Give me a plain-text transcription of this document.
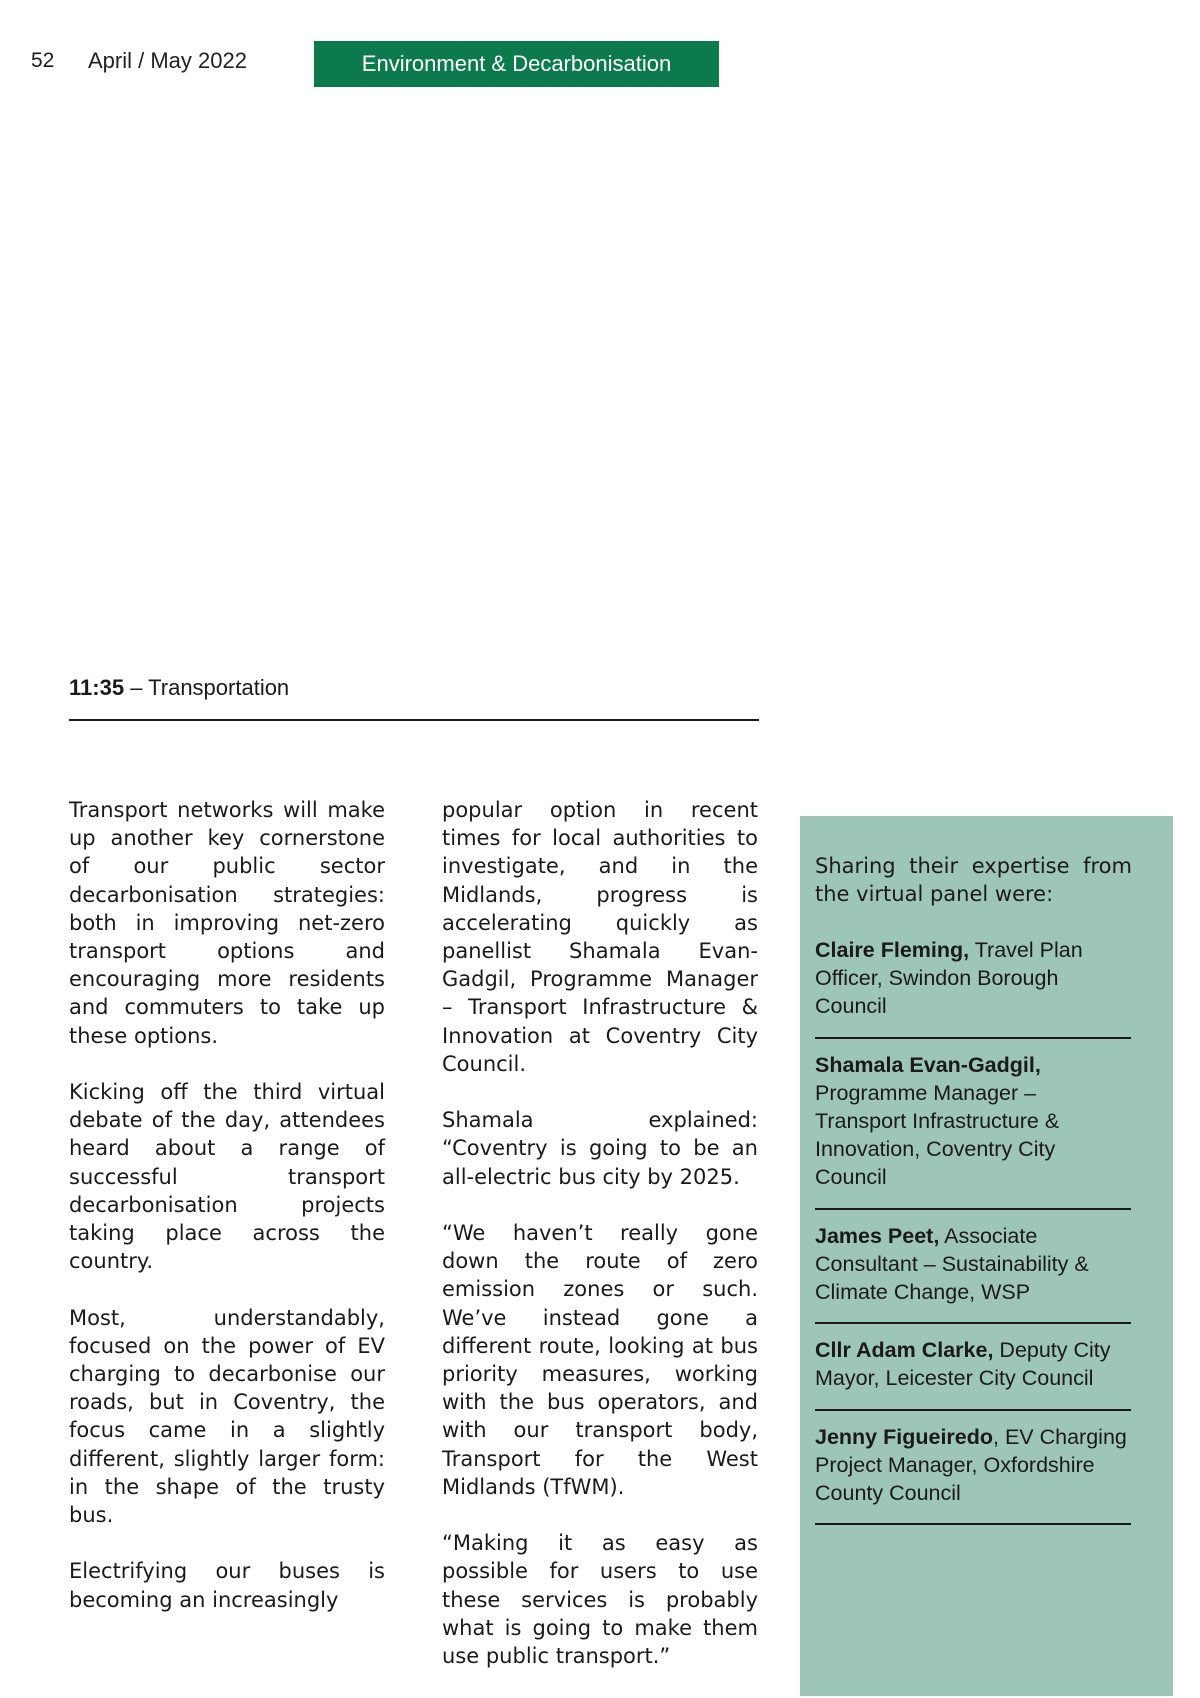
52 April / May 2022	Environment & Decarbonisation
11:35 – Transportation

Transport networks will make up another key cornerstone of our public sector decarbonisation strategies: both in improving net-zero transport options and encouraging more residents and commuters to take up these options.

Kicking off the third virtual debate of the day, attendees heard about a range of successful transport decarbonisation projects taking place across the country.

Most, understandably, focused on the power of EV charging to decarbonise our roads, but in Coventry, the focus came in a slightly different, slightly larger form: in the shape of the trusty bus.

Electrifying our buses is becoming an increasingly

popular option in recent times for local authorities to investigate, and in the Midlands, progress is accelerating quickly as panellist Shamala Evan-Gadgil, Programme Manager – Transport Infrastructure & Innovation at Coventry City Council.

Shamala explained: “Coventry is going to be an all-electric bus city by 2025.

“We haven’t really gone down the route of zero emission zones or such. We’ve instead gone a different route, looking at bus priority measures, working with the bus operators, and with our transport body, Transport for the West Midlands (TfWM).

“Making it as easy as possible for users to use these services is probably what is going to make them use public transport.”

Sharing their expertise from the virtual panel were:

Claire Fleming, Travel Plan Officer, Swindon Borough Council
Shamala Evan-Gadgil, Programme Manager – Transport Infrastructure & Innovation, Coventry City Council
James Peet, Associate Consultant – Sustainability & Climate Change, WSP
Cllr Adam Clarke, Deputy City Mayor, Leicester City Council
Jenny Figueiredo, EV Charging Project Manager, Oxfordshire County Council
